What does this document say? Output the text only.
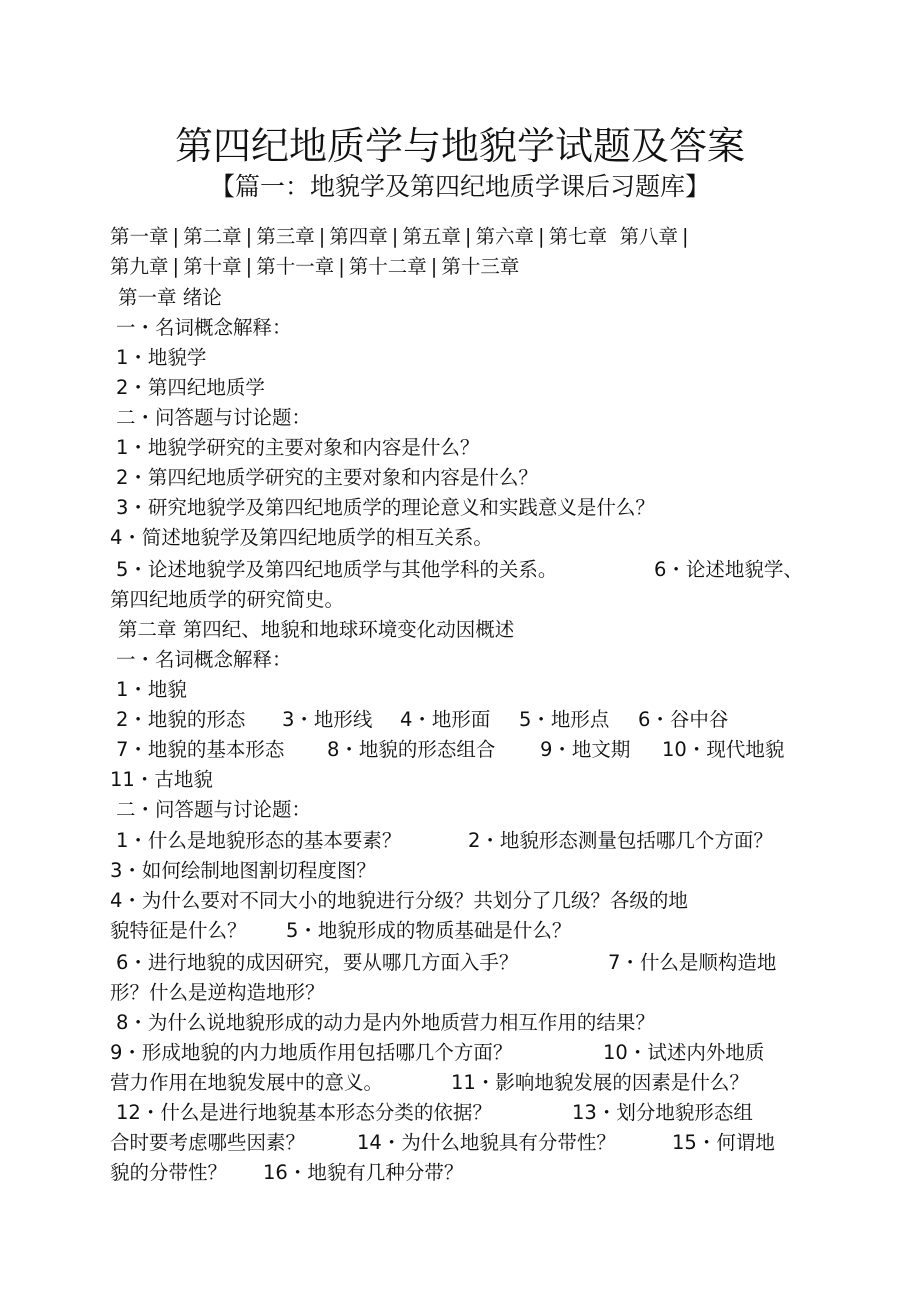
第四纪地质学与地貌学试题及答案
【篇一：地貌学及第四纪地质学课后习题库】
第一章 | 第二章 | 第三章 | 第四章 | 第五章 | 第六章 | 第七章 第八章 |
第九章 | 第十章 | 第十一章 | 第十二章 | 第十三章
第一章 绪论
一・名词概念解释：
1・地貌学
2・第四纪地质学
二・问答题与讨论题：
1・地貌学研究的主要对象和内容是什么？
2・第四纪地质学研究的主要对象和内容是什么？
3・研究地貌学及第四纪地质学的理论意义和实践意义是什么？
4・简述地貌学及第四纪地质学的相互关系。
5・论述地貌学及第四纪地质学与其他学科的关系。	6・论述地貌学、
第四纪地质学的研究简史。
第二章 第四纪、地貌和地球环境变化动因概述
一・名词概念解释：
1・地貌
2・地貌的形态 3・地形线 4・地形面 5・地形点 6・谷中谷
7・地貌的基本形态 8・地貌的形态组合 9・地文期 10・现代地貌
11・古地貌
二・问答题与讨论题：
1・什么是地貌形态的基本要素？	2・地貌形态测量包括哪几个方面？
3・如何绘制地图割切程度图？
4・为什么要对不同大小的地貌进行分级？共划分了几级？各级的地
貌特征是什么？ 5・地貌形成的物质基础是什么？
6・进行地貌的成因研究，要从哪几方面入手？	7・什么是顺构造地
形？什么是逆构造地形？
8・为什么说地貌形成的动力是内外地质营力相互作用的结果？
9・形成地貌的内力地质作用包括哪几个方面？	10・试述内外地质
营力作用在地貌发展中的意义。	11・影响地貌发展的因素是什么？
12・什么是进行地貌基本形态分类的依据？	13・划分地貌形态组
合时要考虑哪些因素？	14・为什么地貌具有分带性？	15・何谓地
貌的分带性？ 16・地貌有几种分带？
